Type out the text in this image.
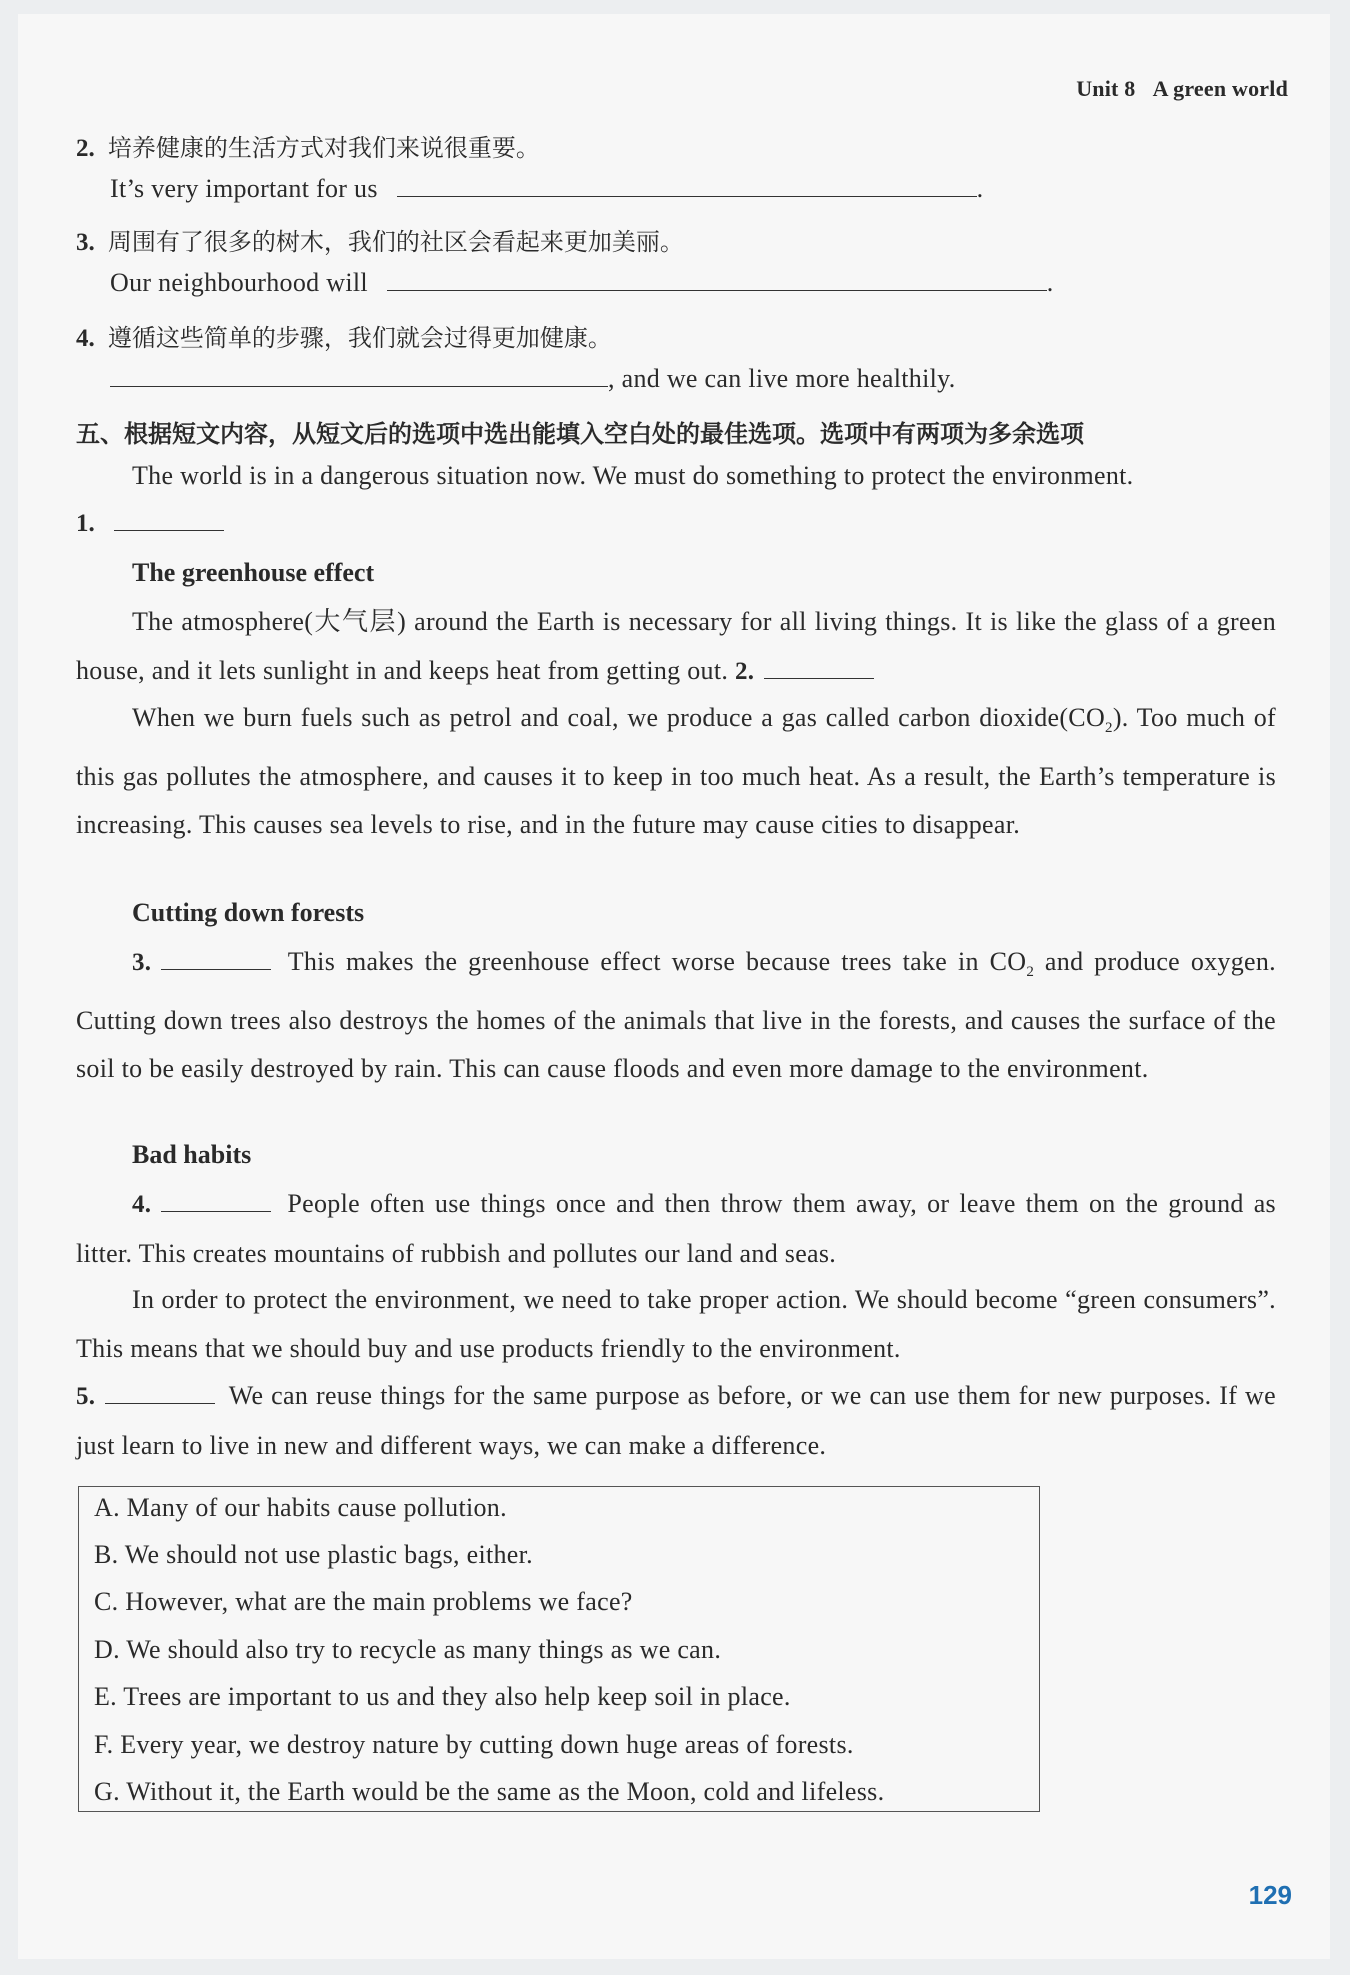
Unit 8 A green world
2. 培养健康的生活方式对我们来说很重要。
It’s very important for us	.
3. 周围有了很多的树木，我们的社区会看起来更加美丽。
Our neighbourhood will	.
4. 遵循这些简单的步骤，我们就会过得更加健康。
, and we can live more healthily.
五、根据短文内容，从短文后的选项中选出能填入空白处的最佳选项。选项中有两项为多余选项
The world is in a dangerous situation now. We must do something to protect the environment.
1.
The greenhouse effect
The atmosphere(大气层) around the Earth is necessary for all living things. It is like the glass of a green house, and it lets sunlight in and keeps heat from getting out. 2.
When we burn fuels such as petrol and coal, we produce a gas called carbon $dioxide(CO_2)$. Too much of this gas pollutes the atmosphere, and causes it to keep in too much heat. As a result, the Earth’s temperature is increasing. This causes sea levels to rise, and in the future may cause cities to disappear.
Cutting down forests
3.	This makes the greenhouse effect worse because trees take in $CO_2$ and produce oxygen. Cutting down trees also destroys the homes of the animals that live in the forests, and causes the surface of the soil to be easily destroyed by rain. This can cause floods and even more damage to the environment.
Bad habits
4.	People often use things once and then throw them away, or leave them on the ground as litter. This creates mountains of rubbish and pollutes our land and seas.
In order to protect the environment, we need to take proper action. We should become “green consumers”. This means that we should buy and use products friendly to the environment.
5.	We can reuse things for the same purpose as before, or we can use them for new purposes. If we just learn to live in new and different ways, we can make a difference.
A. Many of our habits cause pollution.
B. We should not use plastic bags, either.
C. However, what are the main problems we face?
D. We should also try to recycle as many things as we can.
E. Trees are important to us and they also help keep soil in place.
F. Every year, we destroy nature by cutting down huge areas of forests.
G. Without it, the Earth would be the same as the Moon, cold and lifeless.
129
